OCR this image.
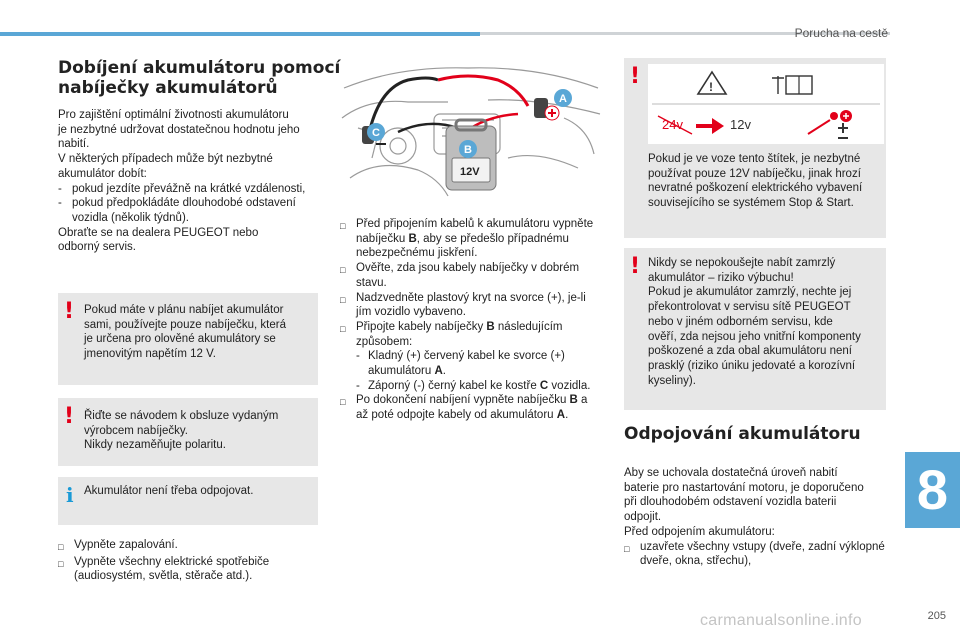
Porucha na cestě
8
205
carmanualsonline.info
Dobíjení akumulátoru pomocí
nabíječky akumulátorů

Pro zajištění optimální životnosti akumulátoru

je nezbytné udržovat dostatečnou hodnotu jeho

nabití.

V některých případech může být nezbytné

akumulátor dobít:

- pokud jezdíte převážně na krátké vzdálenosti,
- pokud předpokládáte dlouhodobé odstavení vozidla (několik týdnů).

Obraťte se na dealera PEUGEOT nebo

odborný servis.

! Pokud máte v plánu nabíjet akumulátor
sami, používejte pouze nabíječku, která
je určena pro olověné akumulátory se
jmenovitým napětím 12 V.
! Řiďte se návodem k obsluze vydaným
výrobcem nabíječky.
Nikdy nezaměňujte polaritu.
i Akumulátor není třeba odpojovat.
□ Vypněte zapalování.
□ Vypněte všechny elektrické spotřebiče (audiosystém, světla, stěrače atd.).
12V
A
B
C
□ Před připojením kabelů k akumulátoru vypněte nabíječku B, aby se předešlo případnému nebezpečnému jiskření.
□ Ověřte, zda jsou kabely nabíječky v dobrém stavu.
□ Nadzvedněte plastový kryt na svorce (+), je-li jím vozidlo vybaveno.
□ Připojte kabely nabíječky B následujícím způsobem:
- Kladný (+) červený kabel ke svorce (+) akumulátoru A.
- Záporný (-) černý kabel ke kostře C vozidla.
□ Po dokončení nabíjení vypněte nabíječku B a až poté odpojte kabely od akumulátoru A.
!	!
24v	12v
Pokud je ve voze tento štítek, je nezbytné
používat pouze 12V nabíječku, jinak hrozí
nevratné poškození elektrického vybavení
souvisejícího se systémem Stop & Start.
! Nikdy se nepokoušejte nabít zamrzlý
akumulátor – riziko výbuchu!
Pokud je akumulátor zamrzlý, nechte jej
překontrolovat v servisu sítě PEUGEOT
nebo v jiném odborném servisu, kde
ověří, zda nejsou jeho vnitřní komponenty
poškozené a zda obal akumulátoru není
prasklý (riziko úniku jedovaté a korozívní
kyseliny).
Odpojování akumulátoru

Aby se uchovala dostatečná úroveň nabití

baterie pro nastartování motoru, je doporučeno

při dlouhodobém odstavení vozidla baterii

odpojit.

Před odpojením akumulátoru:

□ uzavřete všechny vstupy (dveře, zadní výklopné dveře, okna, střechu),
